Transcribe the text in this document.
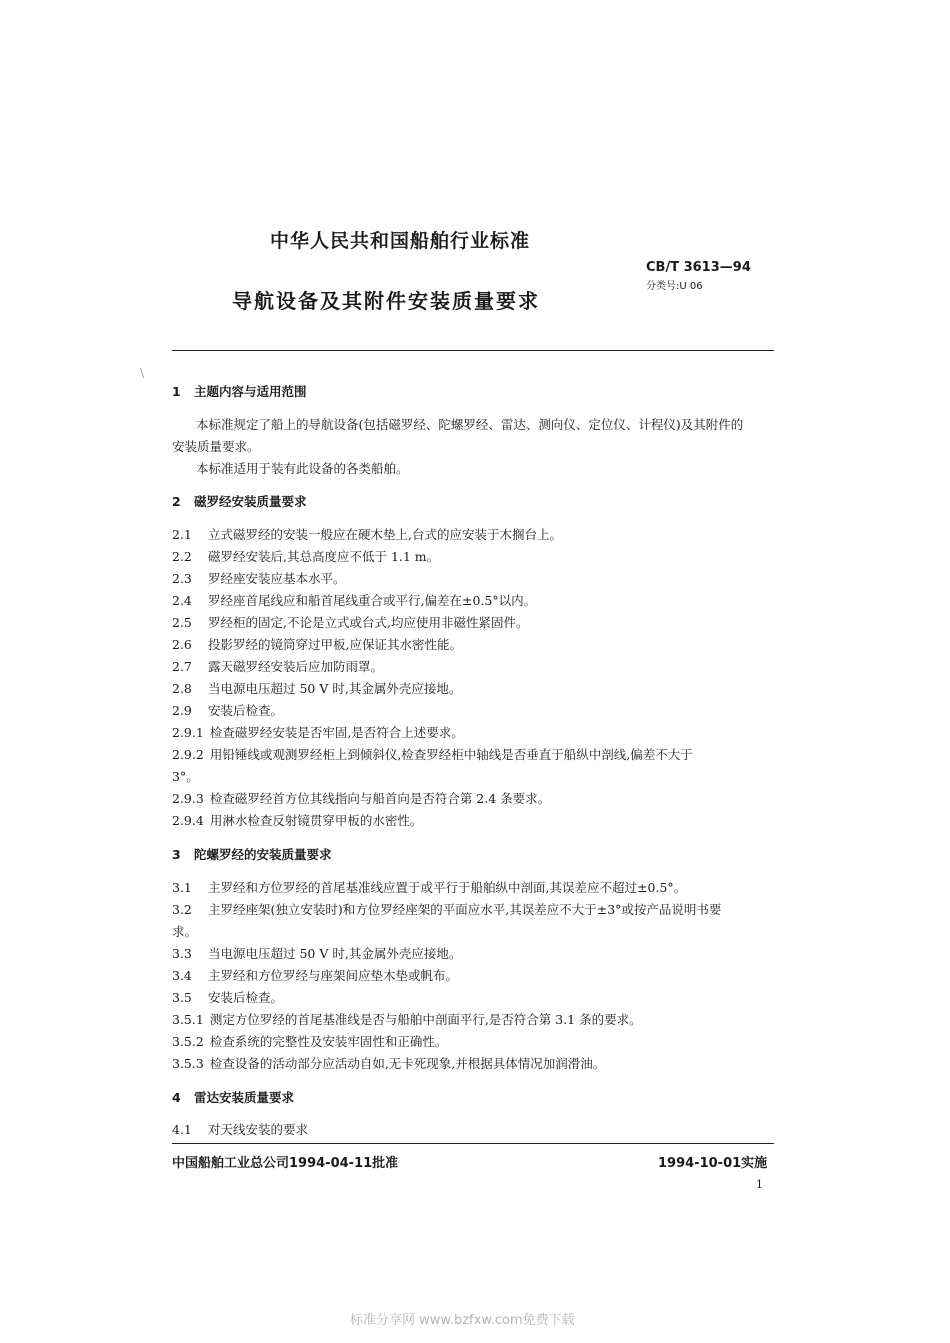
\
中华人民共和国船舶行业标准
CB/T 3613—94
分类号:U 06
导航设备及其附件安装质量要求
1 主题内容与适用范围
本标准规定了船上的导航设备(包括磁罗经、陀螺罗经、雷达、测向仪、定位仪、计程仪)及其附件的
安装质量要求。
本标准适用于装有此设备的各类船舶。
2 磁罗经安装质量要求
2.1 立式磁罗经的安装一般应在硬木垫上,台式的应安装于木搁台上。
2.2 磁罗经安装后,其总高度应不低于 1.1 m。
2.3 罗经座安装应基本水平。
2.4 罗经座首尾线应和船首尾线重合或平行,偏差在±0.5°以内。
2.5 罗经柜的固定,不论是立式或台式,均应使用非磁性紧固件。
2.6 投影罗经的镜筒穿过甲板,应保证其水密性能。
2.7 露天磁罗经安装后应加防雨罩。
2.8 当电源电压超过 50 V 时,其金属外壳应接地。
2.9 安装后检查。
2.9.1 检查磁罗经安装是否牢固,是否符合上述要求。
2.9.2 用铅锤线或观测罗经柜上到倾斜仪,检查罗经柜中轴线是否垂直于船纵中剖线,偏差不大于
3°。
2.9.3 检查磁罗经首方位其线指向与船首向是否符合第 2.4 条要求。
2.9.4 用淋水检查反射镜贯穿甲板的水密性。
3 陀螺罗经的安装质量要求
3.1 主罗经和方位罗经的首尾基准线应置于或平行于船舶纵中剖面,其误差应不超过±0.5°。
3.2 主罗经座架(独立安装时)和方位罗经座架的平面应水平,其误差应不大于±3°或按产品说明书要
求。
3.3 当电源电压超过 50 V 时,其金属外壳应接地。
3.4 主罗经和方位罗经与座架间应垫木垫或帆布。
3.5 安装后检查。
3.5.1 测定方位罗经的首尾基准线是否与船舶中剖面平行,是否符合第 3.1 条的要求。
3.5.2 检查系统的完整性及安装牢固性和正确性。
3.5.3 检查设备的活动部分应活动自如,无卡死现象,并根据具体情况加润滑油。
4 雷达安装质量要求
4.1 对天线安装的要求
中国船舶工业总公司1994-04-11批准	1994-10-01实施
1
标准分享网 www.bzfxw.com免费下载
